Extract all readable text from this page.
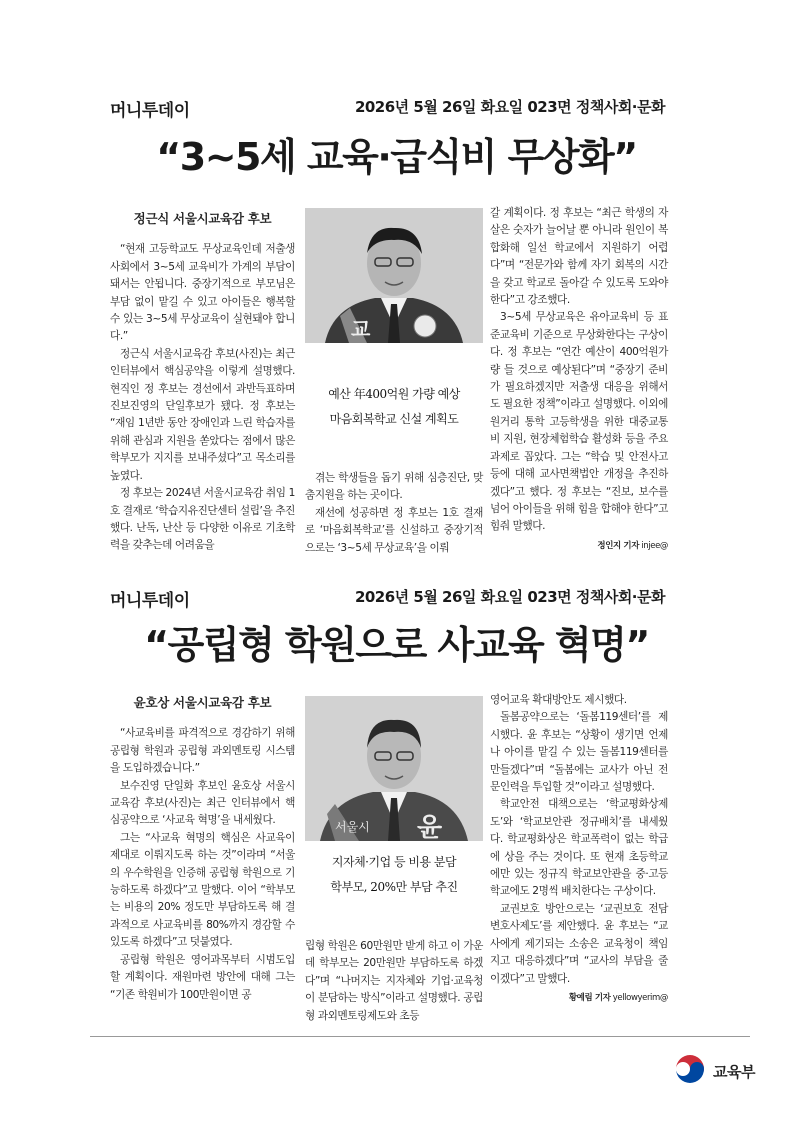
머니투데이	2026년 5월 26일 화요일 023면 정책사회·문화
“3~5세 교육·급식비 무상화”

정근식 서울시교육감 후보

“현재 고등학교도 무상교육인데 저출생 사회에서 3~5세 교육비가 가계의 부담이 돼서는 안됩니다. 중장기적으로 부모님은 부담 없이 맡길 수 있고 아이들은 행복할 수 있는 3~5세 무상교육이 실현돼야 합니다.”

정근식 서울시교육감 후보(사진)는 최근 인터뷰에서 핵심공약을 이렇게 설명했다. 현직인 정 후보는 경선에서 과반득표하며 진보진영의 단일후보가 됐다. 정 후보는 “재임 1년반 동안 장애인과 느린 학습자를 위해 관심과 지원을 쏟았다는 점에서 많은 학부모가 지지를 보내주셨다”고 목소리를 높였다.

정 후보는 2024년 서울시교육감 취임 1호 결재로 ‘학습지유진단센터 설립’을 추진했다. 난독, 난산 등 다양한 이유로 기초학력을 갖추는데 어려움을

교
예산 年400억원 가량 예상
마음회복학교 신설 계획도

겪는 학생들을 돕기 위해 심층진단, 맞춤지원을 하는 곳이다.

재선에 성공하면 정 후보는 1호 결재로 ‘마음회복학교’를 신설하고 중장기적으로는 ‘3~5세 무상교육’을 이뤄

갈 계획이다. 정 후보는 “최근 학생의 자살은 숫자가 늘어날 뿐 아니라 원인이 복합화해 일선 학교에서 지원하기 어렵다”며 “전문가와 함께 자기 회복의 시간을 갖고 학교로 돌아갈 수 있도록 도와야 한다”고 강조했다.

3~5세 무상교육은 유아교육비 등 표준교육비 기준으로 무상화한다는 구상이다. 정 후보는 “연간 예산이 400억원가량 들 것으로 예상된다”며 “중장기 준비가 필요하겠지만 저출생 대응을 위해서도 필요한 정책”이라고 설명했다. 이외에 원거리 통학 고등학생을 위한 대중교통비 지원, 현장체험학습 활성화 등을 주요 과제로 꼽았다. 그는 “학습 및 안전사고 등에 대해 교사면책법안 개정을 추진하겠다”고 했다. 정 후보는 “진보, 보수를 넘어 아이들을 위해 힘을 합해야 한다”고 힘줘 말했다.

정인지 기자 injee@

머니투데이	2026년 5월 26일 화요일 023면 정책사회·문화
“공립형 학원으로 사교육 혁명”

윤호상 서울시교육감 후보

“사교육비를 파격적으로 경감하기 위해 공립형 학원과 공립형 과외멘토링 시스템을 도입하겠습니다.”

보수진영 단일화 후보인 윤호상 서울시교육감 후보(사진)는 최근 인터뷰에서 핵심공약으로 ‘사교육 혁명’을 내세웠다.

그는 “사교육 혁명의 핵심은 사교육이 제대로 이뤄지도록 하는 것”이라며 “서울의 우수학원을 인증해 공립형 학원으로 기능하도록 하겠다”고 말했다. 이어 “학부모는 비용의 20% 정도만 부담하도록 해 결과적으로 사교육비를 80%까지 경감할 수 있도록 하겠다”고 덧붙였다.

공립형 학원은 영어과목부터 시범도입할 계획이다. 재원마련 방안에 대해 그는 “기존 학원비가 100만원이면 공

서울시 윤
지자체·기업 등 비용 분담
학부모, 20%만 부담 추진

립형 학원은 60만원만 받게 하고 이 가운데 학부모는 20만원만 부담하도록 하겠다”며 “나머지는 지자체와 기업·교육청이 분담하는 방식”이라고 설명했다. 공립형 과외멘토링제도와 초등

영어교육 확대방안도 제시했다.

돌봄공약으로는 ‘돌봄119센터’를 제시했다. 윤 후보는 “상황이 생기면 언제나 아이를 맡길 수 있는 돌봄119센터를 만들겠다”며 “돌봄에는 교사가 아닌 전문인력을 투입할 것”이라고 설명했다.

학교안전 대책으로는 ‘학교평화상제도’와 ‘학교보안관 정규배치’를 내세웠다. 학교평화상은 학교폭력이 없는 학급에 상을 주는 것이다. 또 현재 초등학교에만 있는 정규직 학교보안관을 중·고등학교에도 2명씩 배치한다는 구상이다.

교권보호 방안으로는 ‘교권보호 전담변호사제도’를 제안했다. 윤 후보는 “교사에게 제기되는 소송은 교육청이 책임지고 대응하겠다”며 “교사의 부담을 줄이겠다”고 말했다.

황예림 기자 yellowyerim@

교육부
